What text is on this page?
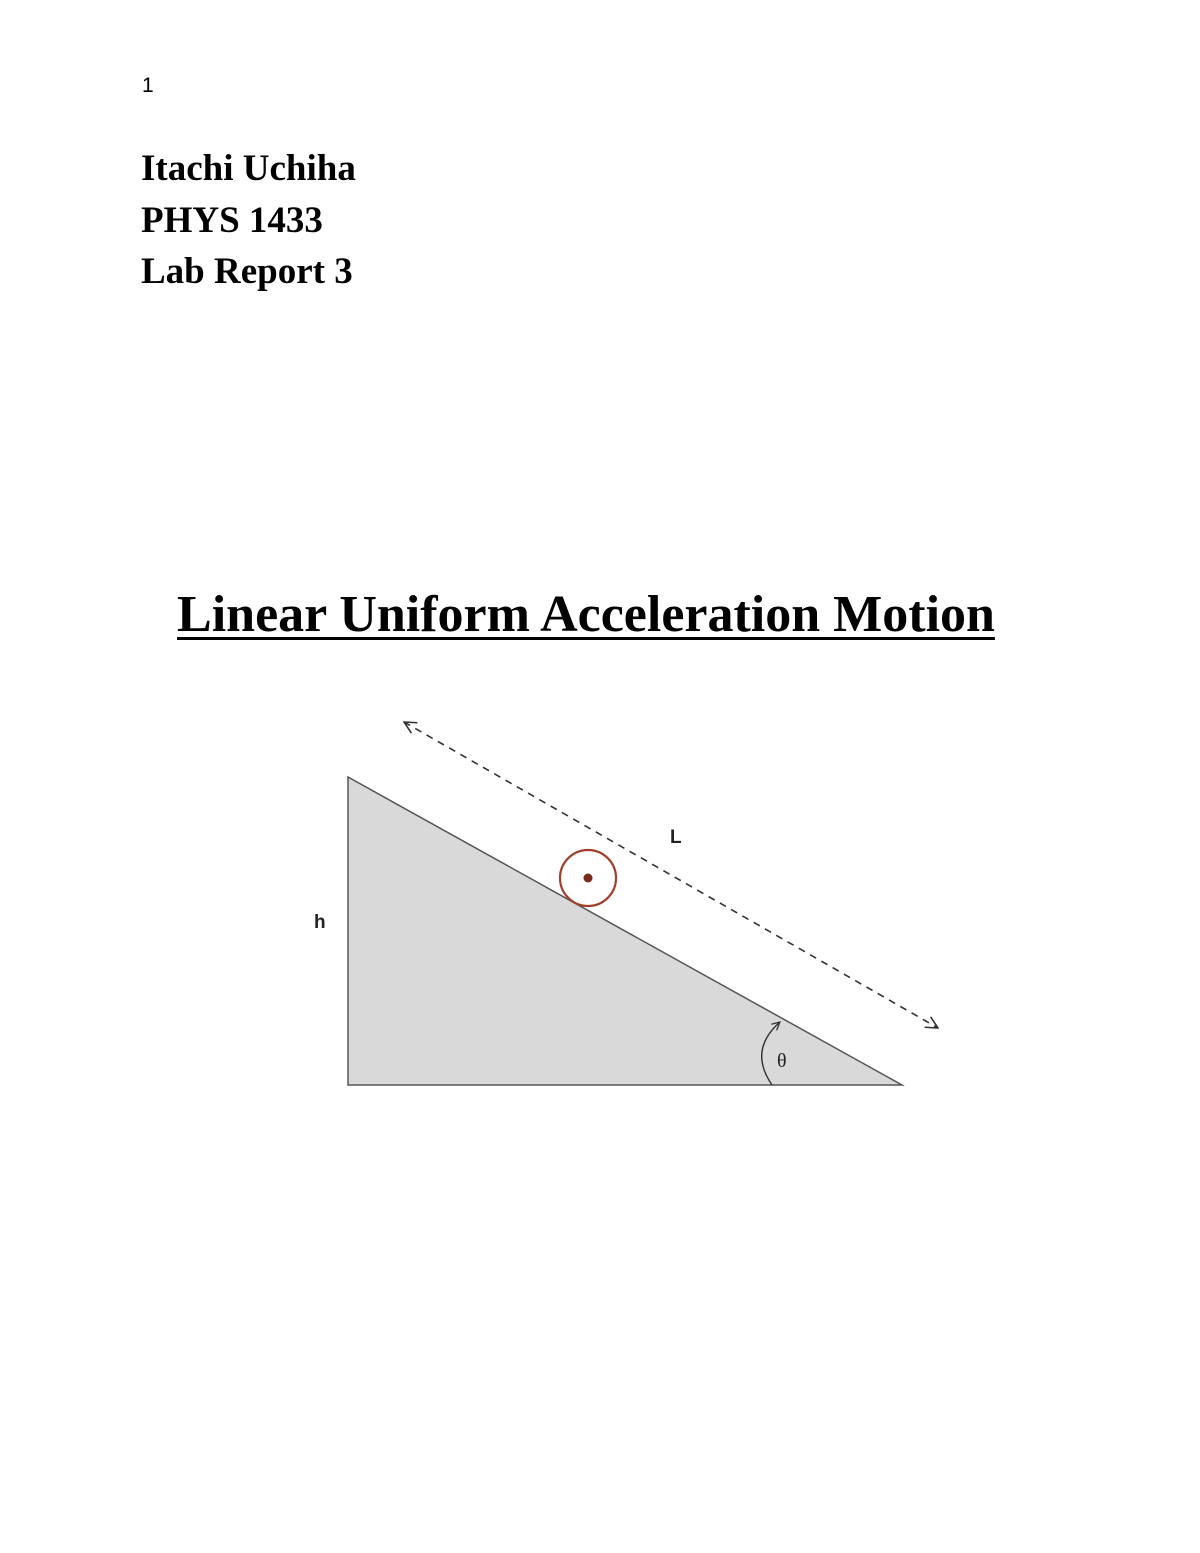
1
Itachi Uchiha
PHYS 1433
Lab Report 3
Linear Uniform Acceleration Motion
h
L
θ
